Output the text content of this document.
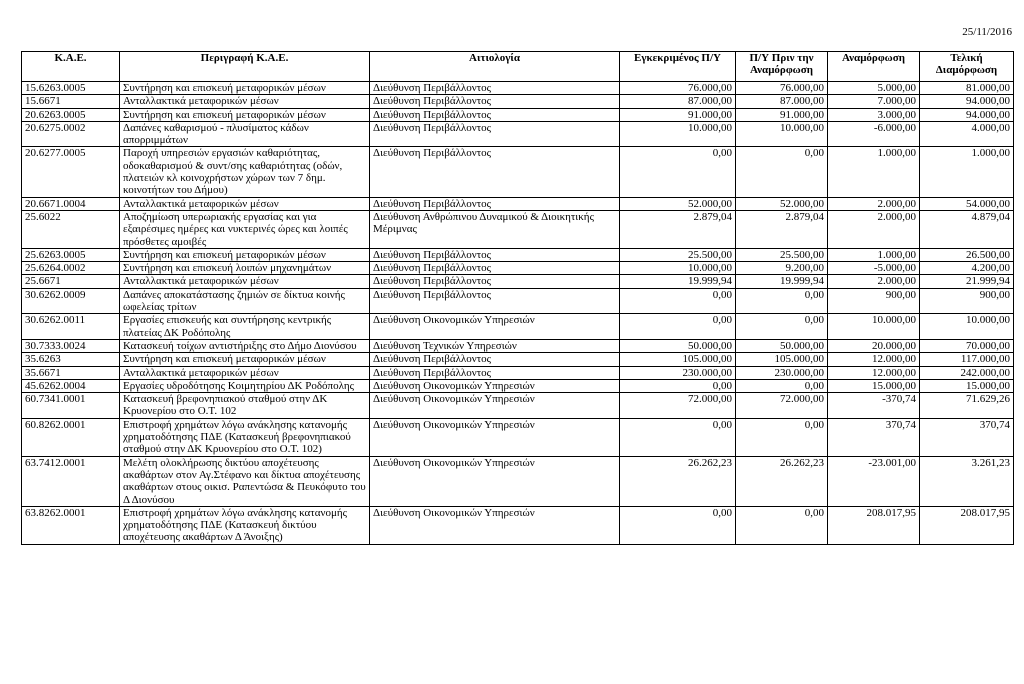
25/11/2016
Κ.Α.Ε.	Περιγραφή Κ.Α.Ε.	Αιτιολογία	Εγκεκριμένος Π/Υ	Π/Υ Πριν την Αναμόρφωση	Αναμόρφωση	Τελική Διαμόρφωση
15.6263.0005	Συντήρηση και επισκευή μεταφορικών μέσων	Διεύθυνση Περιβάλλοντος	76.000,00	76.000,00	5.000,00	81.000,00
15.6671	Ανταλλακτικά μεταφορικών μέσων	Διεύθυνση Περιβάλλοντος	87.000,00	87.000,00	7.000,00	94.000,00
20.6263.0005	Συντήρηση και επισκευή μεταφορικών μέσων	Διεύθυνση Περιβάλλοντος	91.000,00	91.000,00	3.000,00	94.000,00
20.6275.0002	Δαπάνες καθαρισμού - πλυσίματος κάδων απορριμμάτων	Διεύθυνση Περιβάλλοντος	10.000,00	10.000,00	-6.000,00	4.000,00
20.6277.0005	Παροχή υπηρεσιών εργασιών καθαριότητας, οδοκαθαρισμού & συντ/σης καθαριότητας (οδών, πλατειών κλ κοινοχρήστων χώρων των 7 δημ. κοινοτήτων του Δήμου)	Διεύθυνση Περιβάλλοντος	0,00	0,00	1.000,00	1.000,00
20.6671.0004	Ανταλλακτικά μεταφορικών μέσων	Διεύθυνση Περιβάλλοντος	52.000,00	52.000,00	2.000,00	54.000,00
25.6022	Αποζημίωση υπερωριακής εργασίας και για εξαιρέσιμες ημέρες και νυκτερινές ώρες και λοιπές πρόσθετες αμοιβές	Διεύθυνση Ανθρώπινου Δυναμικού & Διοικητικής Μέριμνας	2.879,04	2.879,04	2.000,00	4.879,04
25.6263.0005	Συντήρηση και επισκευή μεταφορικών μέσων	Διεύθυνση Περιβάλλοντος	25.500,00	25.500,00	1.000,00	26.500,00
25.6264.0002	Συντήρηση και επισκευή λοιπών μηχανημάτων	Διεύθυνση Περιβάλλοντος	10.000,00	9.200,00	-5.000,00	4.200,00
25.6671	Ανταλλακτικά μεταφορικών μέσων	Διεύθυνση Περιβάλλοντος	19.999,94	19.999,94	2.000,00	21.999,94
30.6262.0009	Δαπάνες αποκατάστασης ζημιών σε δίκτυα κοινής ωφελείας τρίτων	Διεύθυνση Περιβάλλοντος	0,00	0,00	900,00	900,00
30.6262.0011	Εργασίες επισκευής και συντήρησης κεντρικής πλατείας ΔΚ Ροδόπολης	Διεύθυνση Οικονομικών Υπηρεσιών	0,00	0,00	10.000,00	10.000,00
30.7333.0024	Κατασκευή τοίχων αντιστήριξης στο Δήμο Διονύσου	Διεύθυνση Τεχνικών Υπηρεσιών	50.000,00	50.000,00	20.000,00	70.000,00
35.6263	Συντήρηση και επισκευή μεταφορικών μέσων	Διεύθυνση Περιβάλλοντος	105.000,00	105.000,00	12.000,00	117.000,00
35.6671	Ανταλλακτικά μεταφορικών μέσων	Διεύθυνση Περιβάλλοντος	230.000,00	230.000,00	12.000,00	242.000,00
45.6262.0004	Εργασίες υδροδότησης Κοιμητηρίου ΔΚ Ροδόπολης	Διεύθυνση Οικονομικών Υπηρεσιών	0,00	0,00	15.000,00	15.000,00
60.7341.0001	Κατασκευή βρεφονηπιακού σταθμού στην ΔΚ Κρυονερίου στο Ο.Τ. 102	Διεύθυνση Οικονομικών Υπηρεσιών	72.000,00	72.000,00	-370,74	71.629,26
60.8262.0001	Επιστροφή χρημάτων λόγω ανάκλησης κατανομής χρηματοδότησης ΠΔΕ (Κατασκευή βρεφονηπιακού σταθμού στην ΔΚ Κρυονερίου στο Ο.Τ. 102)	Διεύθυνση Οικονομικών Υπηρεσιών	0,00	0,00	370,74	370,74
63.7412.0001	Μελέτη ολοκλήρωσης δικτύου αποχέτευσης ακαθάρτων στον Αγ.Στέφανο και δίκτυα αποχέτευσης ακαθάρτων στους οικισ. Ραπεντώσα & Πευκόφυτο του Δ Διονύσου	Διεύθυνση Οικονομικών Υπηρεσιών	26.262,23	26.262,23	-23.001,00	3.261,23
63.8262.0001	Επιστροφή χρημάτων λόγω ανάκλησης κατανομής χρηματοδότησης ΠΔΕ (Κατασκευή δικτύου αποχέτευσης ακαθάρτων Δ Άνοιξης)	Διεύθυνση Οικονομικών Υπηρεσιών	0,00	0,00	208.017,95	208.017,95
